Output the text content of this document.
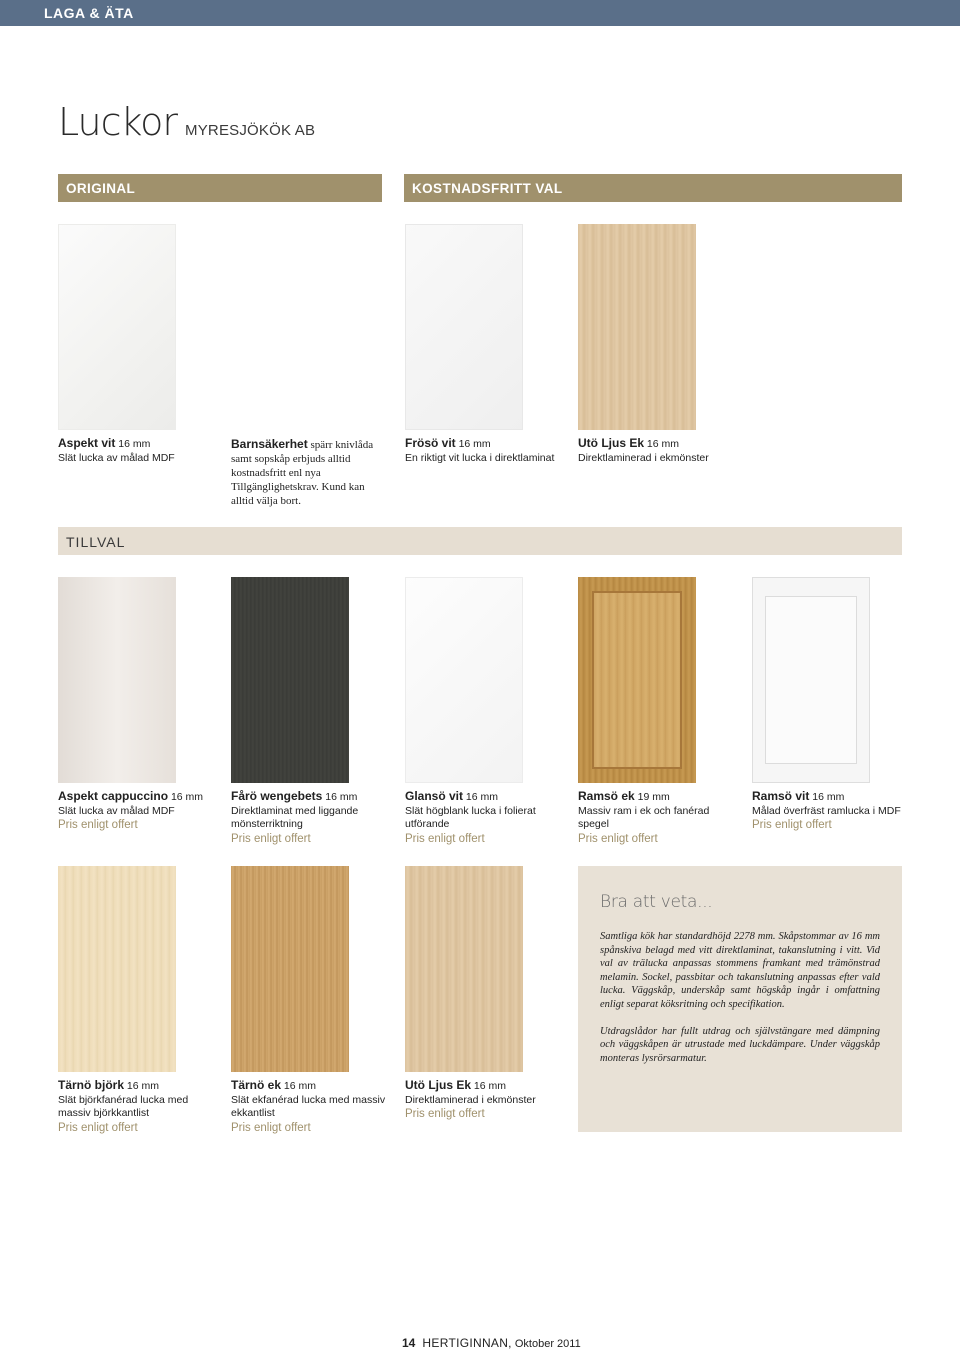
LAGA & ÄTA
Luckor MYRESJÖKÖK AB
ORIGINAL	KOSTNADSFRITT VAL
Aspekt vit 16 mm
Slät lucka av målad MDF
Barnsäkerhet spärr knivlåda samt sopskåp erbjuds alltid kostnadsfritt enl nya Tillgänglighetskrav. Kund kan alltid välja bort.
Frösö vit 16 mm
En riktigt vit lucka i direktlaminat
Utö Ljus Ek 16 mm
Direktlaminerad i ekmönster
TILLVAL
Aspekt cappuccino 16 mm
Slät lucka av målad MDF
Pris enligt offert
Fårö wengebets 16 mm
Direktlaminat med liggande mönsterriktning
Pris enligt offert
Glansö vit 16 mm
Slät högblank lucka i folierat utförande
Pris enligt offert
Ramsö ek 19 mm
Massiv ram i ek och fanérad spegel
Pris enligt offert
Ramsö vit 16 mm
Målad överfräst ramlucka i MDF
Pris enligt offert
Tärnö björk 16 mm
Slät björkfanérad lucka med massiv björkkantlist
Pris enligt offert
Tärnö ek 16 mm
Slät ekfanérad lucka med massiv ekkantlist
Pris enligt offert
Utö Ljus Ek 16 mm
Direktlaminerad i ekmönster
Pris enligt offert
Bra att veta...

Samtliga kök har standardhöjd 2278 mm. Skåpstommar av 16 mm spånskiva belagd med vitt direktlaminat, takanslutning i vitt. Vid val av trälucka anpassas stommens framkant med trämönstrad melamin. Sockel, passbitar och takanslutning anpassas efter vald lucka. Väggskåp, underskåp samt högskåp ingår i omfattning enligt separat köksritning och specifikation.

Utdragslådor har fullt utdrag och självstängare med dämpning och väggskåpen är utrustade med luckdämpare. Under väggskåp monteras lysrörsarmatur.

14 HERTIGINNAN, Oktober 2011
